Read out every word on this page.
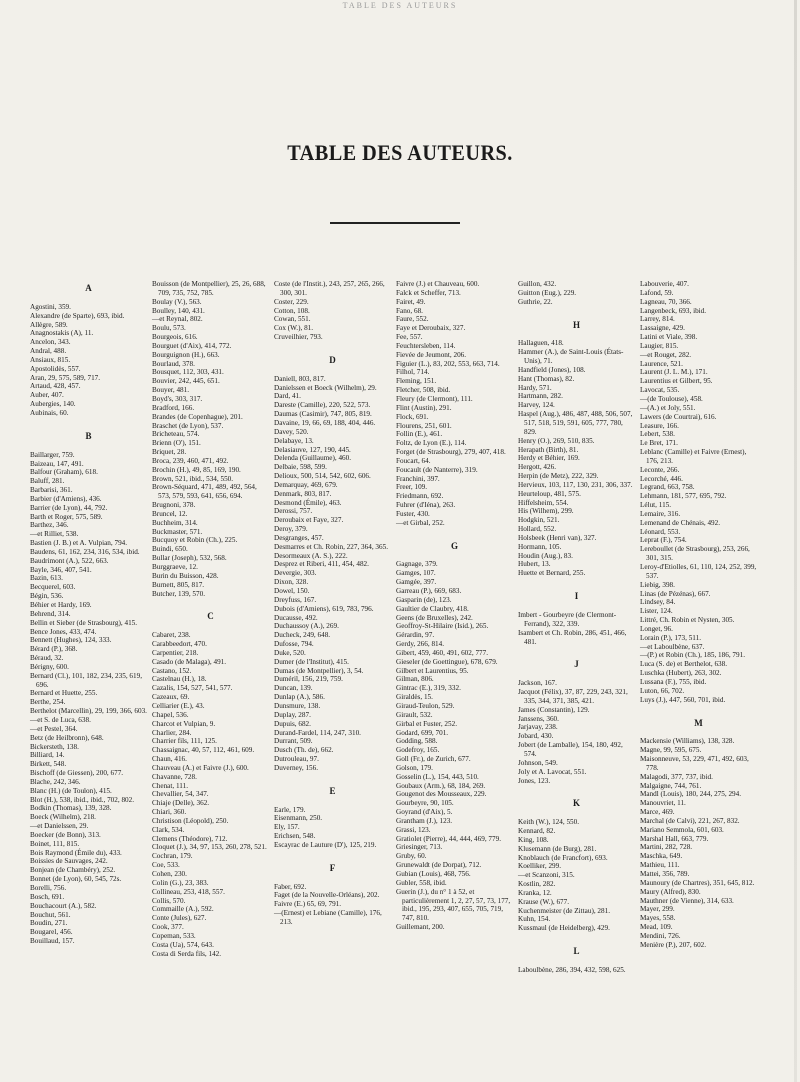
TABLE DES AUTEURS
TABLE DES AUTEURS.
A
Agostini, 359.
Alexandre (de Sparte), 693, ibid.
Allègre, 589.
Anagnostakis (A), 11.
Ancelon, 343.
Andral, 488.
Ansiaux, 815.
Apostolidès, 557.
Aran, 29, 575, 589, 717.
Artaud, 428, 457.
Auber, 407.
Aubergies, 140.
Aubinais, 60.
B
Baillarger, 759.
Baizeau, 147, 491.
Balfour (Graham), 618.
Baluff, 281.
Barbarisi, 361.
Barbier (d'Amiens), 436.
Barrier (de Lyon), 44, 792.
Barth et Roger, 575, 589.
Barthez, 346.
—et Rilliet, 538.
Bastien (J. B.) et A. Vulpian, 794.
Baudens, 61, 162, 234, 316, 534, ibid.
Baudrimont (A.), 522, 663.
Bayle, 346, 407, 541.
Bazin, 613.
Becquerel, 603.
Bégin, 536.
Béhier et Hardy, 169.
Behrend, 314.
Bellin et Sieber (de Strasbourg), 415.
Bence Jones, 433, 474.
Bennett (Hughes), 124, 333.
Bérard (P.), 368.
Béraud, 32.
Bérigny, 600.
Bernard (Cl.), 101, 182, 234, 235, 619, 696.
Bernard et Huette, 255.
Berthe, 254.
Berthelot (Marcellin), 29, 199, 366, 603.
—et S. de Luca, 638.
—et Pestel, 364.
Betz (de Heilbronn), 648.
Bickersteth, 138.
Billiard, 14.
Birkett, 548.
Bischoff (de Giessen), 200, 677.
Blache, 242, 346.
Blanc (H.) (de Toulon), 415.
Blot (H.), 538, ibid., ibid., 702, 802.
Bodkin (Thomas), 139, 328.
Boeck (Wilhelm), 218.
—et Danielssen, 29.
Boecker (de Bonn), 313.
Boinet, 111, 815.
Bois Raymond (Émile du), 433.
Boissies de Sauvages, 242.
Bonjean (de Chambéry), 252.
Bonnet (de Lyon), 60, 545, 72s.
Borelli, 756.
Bosch, 691.
Bouchacourt (A.), 582.
Bouchut, 561.
Boudin, 271.
Bougarel, 456.
Bouillaud, 157.
Bouisson (de Montpellier), 25, 26, 688, 709, 735, 752, 785.
Boulay (V.), 563.
Boulley, 140, 431.
—et Reynal, 802.
Boulu, 573.
Bourgeois, 616.
Bourguet (d'Aix), 414, 772.
Bourguignon (H.), 663.
Bourlaud, 378.
Bousquet, 112, 303, 431.
Bouvier, 242, 445, 651.
Bouyer, 481.
Boyd's, 303, 317.
Bradford, 166.
Brandes (de Copenhague), 201.
Braschet (de Lyon), 537.
Bricheteau, 574.
Brienn (O'), 151.
Briquet, 28.
Broca, 239, 460, 471, 492.
Brochin (H.), 49, 85, 169, 190.
Brown, 521, ibid., 534, 550.
Brown-Séquard, 471, 489, 492, 564, 573, 579, 593, 641, 656, 694.
Brugnoni, 378.
Bruncel, 12.
Buchheim, 314.
Buckmaster, 571.
Bucquoy et Robin (Ch.), 225.
Buindi, 650.
Bullar (Joseph), 532, 568.
Burggraeve, 12.
Burin du Buisson, 428.
Burnett, 805, 817.
Butcher, 139, 570.
C
Cabaret, 238.
Carabbeedort, 470.
Carpentier, 218.
Casado (de Malaga), 491.
Castano, 152.
Castelnau (H.), 18.
Cazalis, 154, 527, 541, 577.
Cazeaux, 69.
Celliarier (E.), 43.
Chapel, 536.
Charcot et Vulpian, 9.
Charlier, 284.
Charrier fils, 111, 125.
Chassaignac, 40, 57, 112, 461, 609.
Chaun, 416.
Chauveau (A.) et Faivre (J.), 600.
Chavanne, 728.
Chenat, 111.
Chevallier, 54, 347.
Chiaje (Delle), 362.
Chiari, 360.
Christison (Léopold), 250.
Clark, 534.
Clemens (Théodore), 712.
Cloquet (J.), 34, 97, 153, 260, 278, 521.
Cochran, 179.
Coe, 533.
Cohen, 230.
Colin (G.), 23, 383.
Collineau, 253, 418, 557.
Collis, 570.
Commaille (A.), 592.
Conte (Jules), 627.
Cook, 377.
Copeman, 533.
Costa (Ua), 574, 643.
Costa di Serda fils, 142.
Coste (de l'Instit.), 243, 257, 265, 266, 300, 301.
Coster, 229.
Cotton, 108.
Cowan, 551.
Cox (W.), 81.
Cruveilhier, 793.
D
Daniell, 803, 817.
Danielssen et Boeck (Wilhelm), 29.
Dard, 41.
Dareste (Camille), 220, 522, 573.
Daumas (Casimir), 747, 805, 819.
Davaine, 19, 66, 69, 188, 404, 446.
Davey, 520.
Delabaye, 13.
Delasiauve, 127, 190, 445.
Delenda (Guillaume), 460.
Delbaie, 598, 599.
Delioux, 500, 514, 542, 602, 606.
Demarquay, 469, 679.
Denmark, 803, 817.
Desmond (Émile), 463.
Derossi, 757.
Deroubaix et Faye, 327.
Deroy, 379.
Desgranges, 457.
Desmarres et Ch. Robin, 227, 364, 365.
Desormeaux (A. S.), 222.
Desprez et Riberi, 411, 454, 482.
Devergie, 303.
Dixon, 328.
Dowel, 150.
Dreyfuss, 167.
Dubois (d'Amiens), 619, 783, 796.
Ducausse, 492.
Duchaussoy (A.), 269.
Ducheck, 249, 648.
Dufosse, 794.
Duke, 520.
Dumer (de l'Institut), 415.
Dumas (de Montpellier), 3, 54.
Duméril, 156, 219, 759.
Duncan, 139.
Dunlap (A.), 586.
Dunsmure, 138.
Duplay, 287.
Dupuis, 682.
Durand-Fardel, 114, 247, 310.
Durrant, 509.
Dusch (Th. de), 662.
Dutrouleau, 97.
Duverney, 156.
E
Earle, 179.
Eisenmann, 250.
Ely, 157.
Erichsen, 548.
Escayrac de Lauture (D'), 125, 219.
F
Faber, 692.
Faget (de la Nouvelle-Orléans), 202.
Faivre (E.) 65, 69, 791.
—(Ernest) et Lebiane (Camille), 176, 213.
Faivre (J.) et Chauveau, 600.
Falck et Scheffer, 713.
Fairet, 49.
Fano, 68.
Faure, 552.
Faye et Deroubaix, 327.
Fee, 557.
Feuchtersleben, 114.
Fievée de Jeumont, 206.
Figuier (L.), 83, 202, 553, 663, 714.
Filhol, 714.
Fleming, 151.
Fletcher, 508, ibid.
Fleury (de Clermont), 111.
Flint (Austin), 291.
Flock, 691.
Flourens, 251, 601.
Follin (E.), 461.
Foltz, de Lyon (E.), 114.
Forget (de Strasbourg), 279, 407, 418.
Foucart, 64.
Foucault (de Nanterre), 319.
Franchini, 397.
Freer, 109.
Friedmann, 692.
Fuhrer (d'Iéna), 263.
Fuster, 430.
—et Girbal, 252.
G
Gagnage, 379.
Gamges, 107.
Gamgée, 397.
Garreau (P.), 669, 683.
Gasparin (de), 123.
Gaultier de Claubry, 418.
Geens (de Bruxelles), 242.
Geoffroy-St-Hilaire (Isid.), 265.
Gérardin, 97.
Gerdy, 266, 814.
Gibert, 459, 460, 491, 602, 777.
Gieseler (de Goettingue), 678, 679.
Gilbert et Laurentius, 95.
Gilman, 806.
Gintrac (E.), 319, 332.
Giraldès, 15.
Giraud-Teulon, 529.
Girault, 532.
Girbal et Fuster, 252.
Godard, 699, 701.
Godding, 588.
Godefroy, 165.
Goll (Fr.), de Zurich, 677.
Golson, 179.
Gosselin (L.), 154, 443, 510.
Goubaux (Arm.), 68, 184, 269.
Gougenot des Mousseaux, 229.
Gourbeyre, 90, 105.
Goyrand (d'Aix), 5.
Grantham (J.), 123.
Grassi, 123.
Gratiolet (Pierre), 44, 444, 469, 779.
Griesinger, 713.
Gruby, 60.
Grunewaldt (de Dorpat), 712.
Gubian (Louis), 468, 756.
Gubler, 558, ibid.
Guerin (J.), du n° 1 à 52, et particulièrement 1, 2, 27, 57, 73, 177, ibid., 195, 293, 407, 655, 705, 719, 747, 810.
Guillemant, 200.
Guillon, 432.
Guitton (Eug.), 229.
Guthrie, 22.
H
Hallaguen, 418.
Hammer (A.), de Saint-Louis (États-Unis), 71.
Handfield (Jones), 108.
Hant (Thomas), 82.
Hardy, 571.
Hartmann, 282.
Harvey, 124.
Haspel (Aug.), 486, 487, 488, 506, 507, 517, 518, 519, 591, 605, 777, 780, 829.
Henry (O.), 269, 510, 835.
Herapath (Birth), 81.
Herdy et Béhier, 169.
Hergott, 426.
Herpin (de Metz), 222, 329.
Hervieux, 103, 117, 130, 231, 306, 337.
Heurteloup, 481, 575.
Hiffelsheim, 554.
His (Wilhem), 299.
Hodgkin, 521.
Hollard, 552.
Holsbeek (Henri van), 327.
Hormann, 105.
Houdin (Aug.), 83.
Hubert, 13.
Huette et Bernard, 255.
I
Imbert - Gourbeyre (de Clermont-Ferrand), 322, 339.
Isambert et Ch. Robin, 286, 451, 466, 481.
J
Jackson, 167.
Jacquot (Félix), 37, 87, 229, 243, 321, 335, 344, 371, 385, 421.
James (Constantin), 129.
Janssens, 360.
Jarjavay, 238.
Jobard, 430.
Jobert (de Lamballe), 154, 180, 492, 574.
Johnson, 549.
Joly et A. Lavocat, 551.
Jones, 123.
K
Keith (W.), 124, 550.
Kennard, 82.
King, 108.
Klusemann (de Burg), 281.
Knoblauch (de Francfort), 693.
Koelliker, 299.
—et Scanzoni, 315.
Kostlin, 282.
Kranka, 12.
Krause (W.), 677.
Kuchenmeister (de Zittau), 281.
Kuhn, 154.
Kussmaul (de Heidelberg), 429.
L
Laboulbène, 286, 394, 432, 598, 625.
Labouverie, 407.
Lafond, 59.
Lagneau, 70, 366.
Langenbeck, 693, ibid.
Larrey, 814.
Lassaigne, 429.
Latini et Viale, 398.
Laugier, 815.
—et Rouget, 282.
Laurence, 521.
Laurent (J. L. M.), 171.
Laurentius et Gilbert, 95.
Lavocat, 535.
—(de Toulouse), 458.
—(A.) et Joly, 551.
Lawers (de Courtrai), 616.
Leasure, 166.
Lebert, 538.
Le Bret, 171.
Leblanc (Camille) et Faivre (Ernest), 176, 213.
Leconte, 266.
Lecorché, 446.
Legrand, 663, 758.
Lehmann, 181, 577, 695, 792.
Lélut, 115.
Lemaire, 316.
Lemenand de Chénais, 492.
Léonard, 553.
Leprat (F.), 754.
Lereboullet (de Strasbourg), 253, 266, 301, 315.
Leroy-d'Etiolles, 61, 110, 124, 252, 399, 537.
Liebig, 398.
Linas (de Pézénas), 667.
Lindsey, 84.
Lister, 124.
Littré, Ch. Robin et Nysten, 305.
Longet, 96.
Lorain (P.), 173, 511.
—et Laboulbène, 637.
—(P.) et Robin (Ch.), 185, 186, 791.
Luca (S. de) et Berthelot, 638.
Luschka (Hubert), 263, 302.
Lussana (F.), 755, ibid.
Luton, 66, 702.
Luys (J.), 447, 560, 701, ibid.
M
Mackensie (Williams), 138, 328.
Magne, 99, 595, 675.
Maisonneuve, 53, 229, 471, 492, 603, 778.
Malagodi, 377, 737, ibid.
Malgaigne, 744, 761.
Mandl (Louis), 180, 244, 275, 294.
Manouvriet, 11.
Marce, 469.
Marchal (de Calvi), 221, 267, 832.
Mariano Semmola, 601, 603.
Marshal Hall, 663, 779.
Martini, 282, 728.
Maschka, 649.
Mathieu, 111.
Mattei, 356, 789.
Maunoury (de Chartres), 351, 645, 812.
Maury (Alfred), 830.
Mauthner (de Vienne), 314, 633.
Mayer, 299.
Mayes, 558.
Mead, 109.
Mendini, 726.
Menière (P.), 207, 602.
